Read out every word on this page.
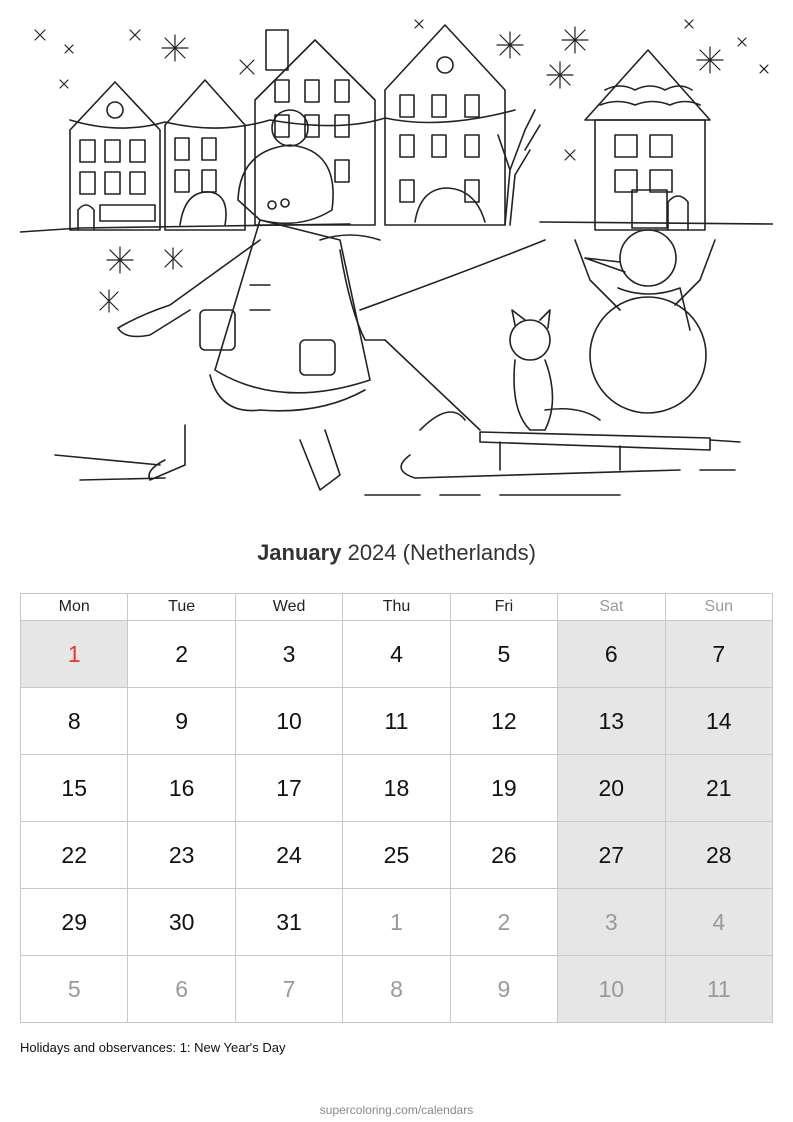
January 2024 (Netherlands)
Mon	Tue	Wed	Thu	Fri	Sat	Sun
1	2	3	4	5	6	7
8	9	10	11	12	13	14
15	16	17	18	19	20	21
22	23	24	25	26	27	28
29	30	31	1	2	3	4
5	6	7	8	9	10	11
Holidays and observances: 1: New Year's Day
supercoloring.com/calendars
